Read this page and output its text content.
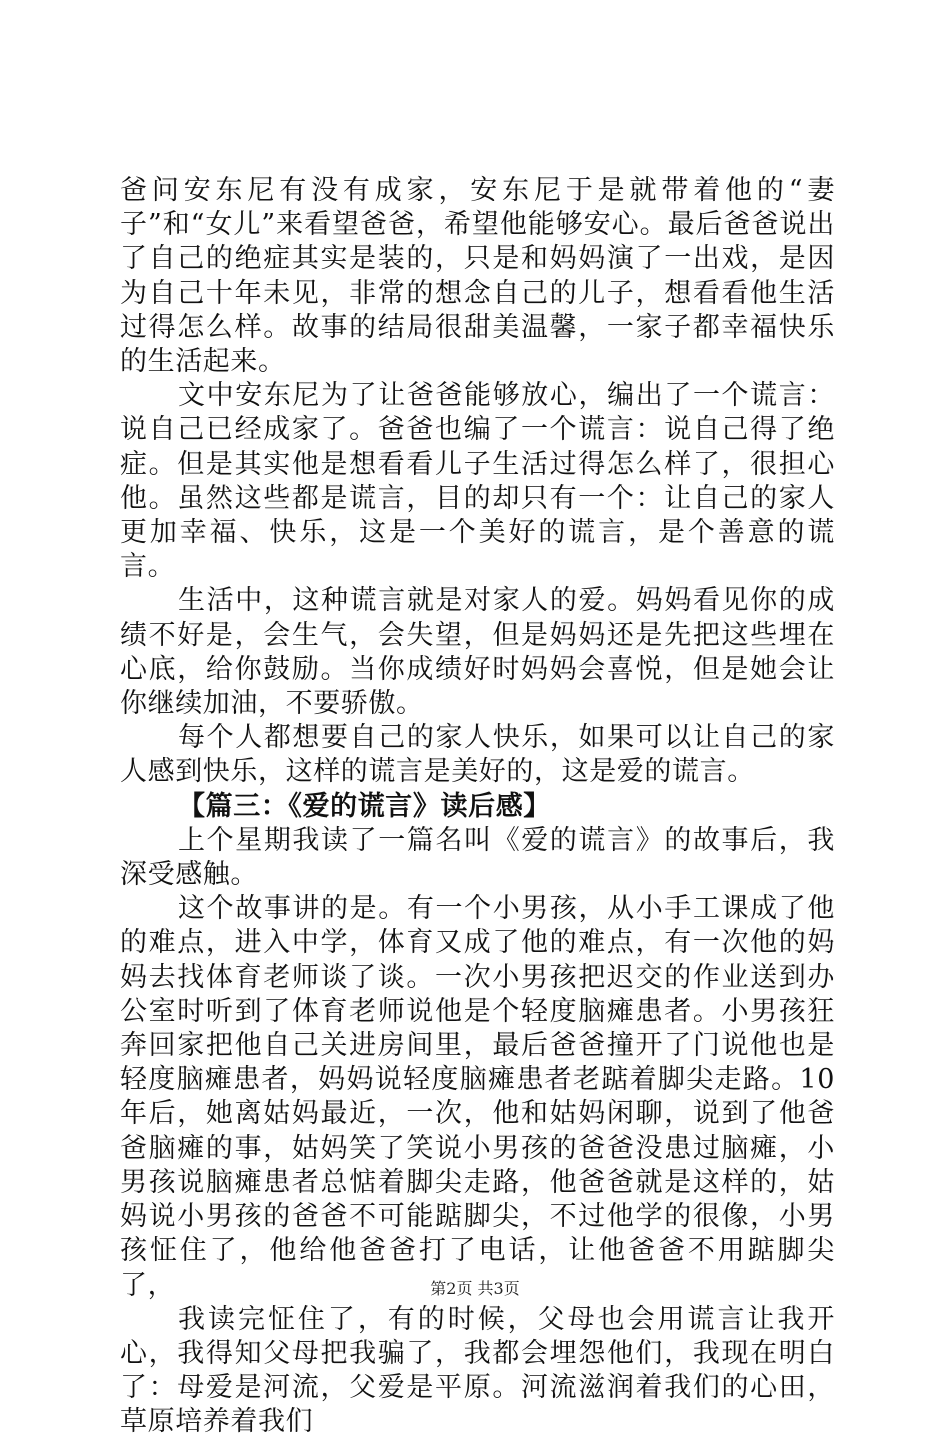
爸问安东尼有没有成家，安东尼于是就带着他的“妻子”和“女儿”来看望爸爸，希望他能够安心。最后爸爸说出了自己的绝症其实是装的，只是和妈妈演了一出戏，是因为自己十年未见，非常的想念自己的儿子，想看看他生活过得怎么样。故事的结局很甜美温馨，一家子都幸福快乐的生活起来。

文中安东尼为了让爸爸能够放心，编出了一个谎言：说自己已经成家了。爸爸也编了一个谎言：说自己得了绝症。但是其实他是想看看儿子生活过得怎么样了，很担心他。虽然这些都是谎言，目的却只有一个：让自己的家人更加幸福、快乐，这是一个美好的谎言，是个善意的谎言。

生活中，这种谎言就是对家人的爱。妈妈看见你的成绩不好是，会生气，会失望，但是妈妈还是先把这些埋在心底，给你鼓励。当你成绩好时妈妈会喜悦，但是她会让你继续加油，不要骄傲。

每个人都想要自己的家人快乐，如果可以让自己的家人感到快乐，这样的谎言是美好的，这是爱的谎言。

【篇三：《爱的谎言》读后感】

上个星期我读了一篇名叫《爱的谎言》的故事后，我深受感触。

这个故事讲的是。有一个小男孩，从小手工课成了他的难点，进入中学，体育又成了他的难点，有一次他的妈妈去找体育老师谈了谈。一次小男孩把迟交的作业送到办公室时听到了体育老师说他是个轻度脑瘫患者。小男孩狂奔回家把他自己关进房间里，最后爸爸撞开了门说他也是轻度脑瘫患者，妈妈说轻度脑瘫患者老踮着脚尖走路。10年后，她离姑妈最近，一次，他和姑妈闲聊，说到了他爸爸脑瘫的事，姑妈笑了笑说小男孩的爸爸没患过脑瘫，小男孩说脑瘫患者总惦着脚尖走路，他爸爸就是这样的，姑妈说小男孩的爸爸不可能踮脚尖，不过他学的很像，小男孩怔住了，他给他爸爸打了电话，让他爸爸不用踮脚尖了，

我读完怔住了，有的时候，父母也会用谎言让我开心，我得知父母把我骗了，我都会埋怨他们，我现在明白了：母爱是河流，父爱是平原。河流滋润着我们的心田，草原培养着我们

第2页 共3页
